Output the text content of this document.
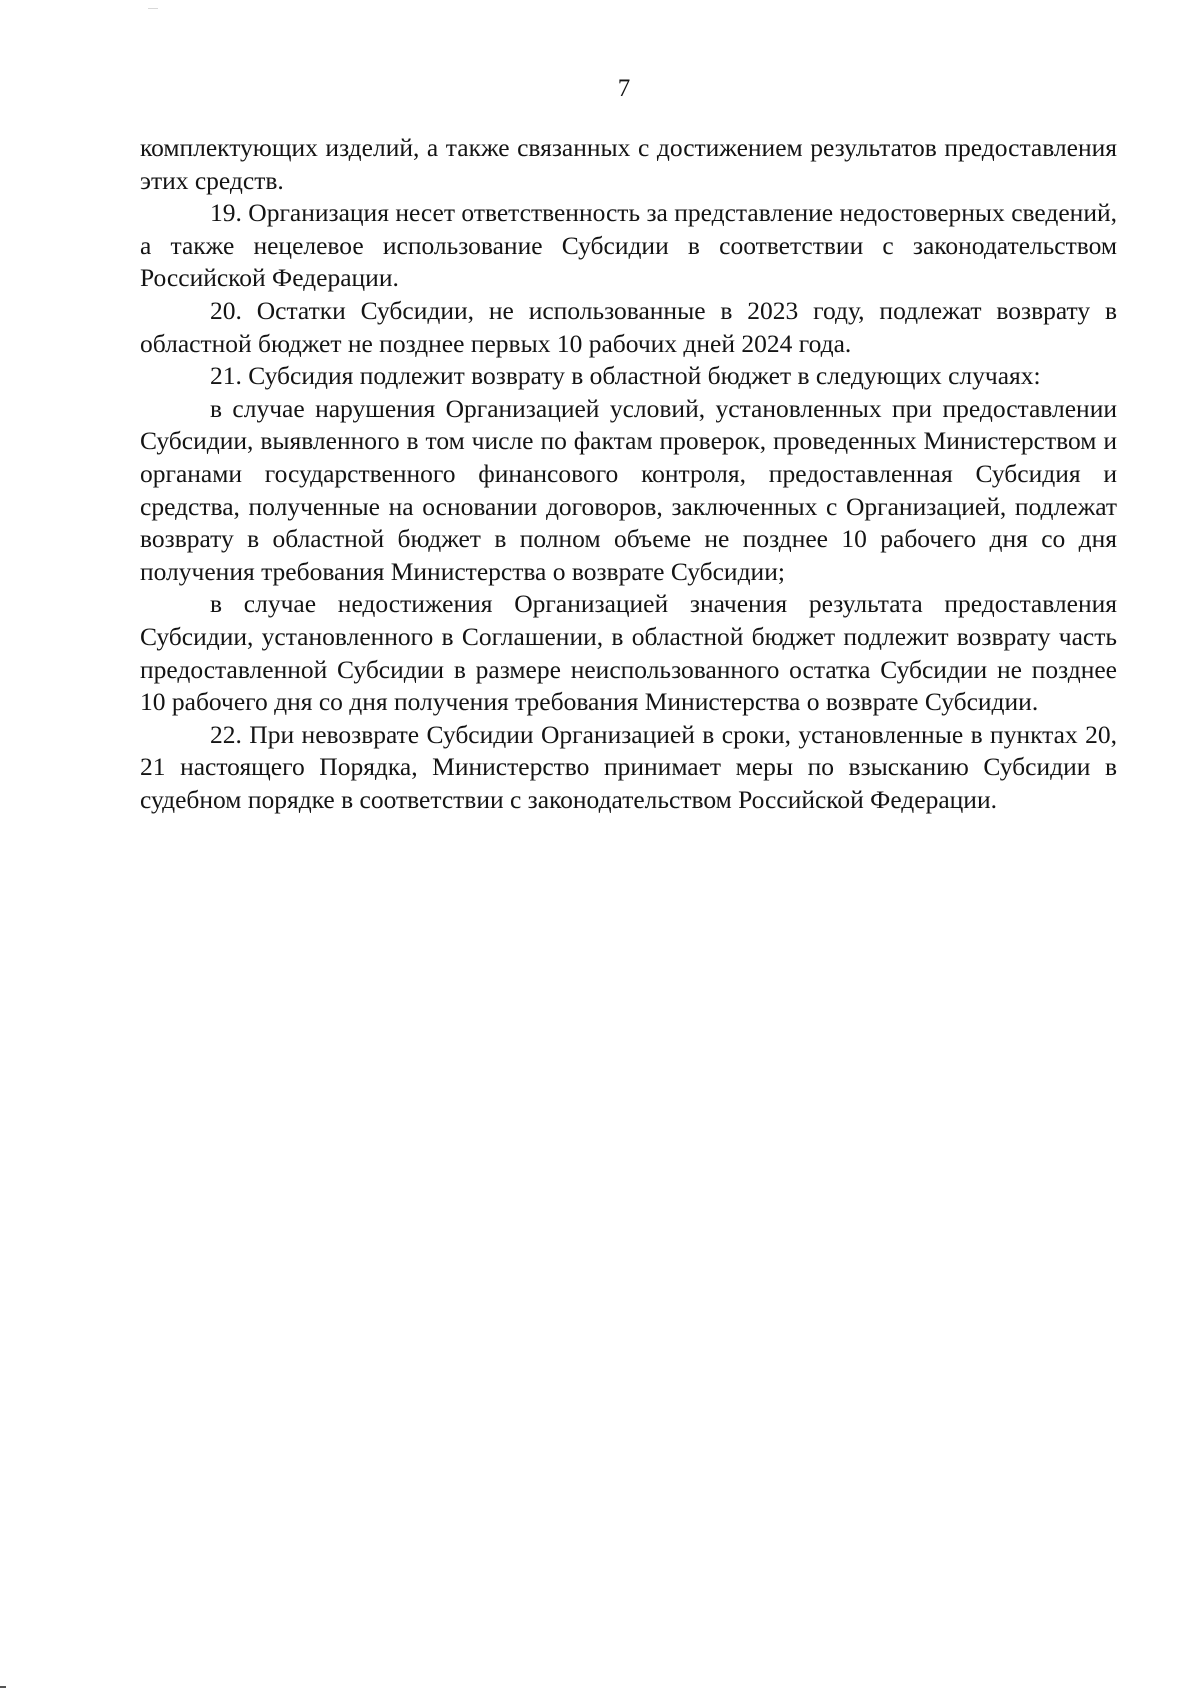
7

комплектующих изделий, а также связанных с достижением результатов предоставления этих средств.

19. Организация несет ответственность за представление недостоверных сведений, а также нецелевое использование Субсидии в соответствии с законодательством Российской Федерации.

20. Остатки Субсидии, не использованные в 2023 году, подлежат возврату в областной бюджет не позднее первых 10 рабочих дней 2024 года.

21. Субсидия подлежит возврату в областной бюджет в следующих случаях:

в случае нарушения Организацией условий, установленных при предоставлении Субсидии, выявленного в том числе по фактам проверок, проведенных Министерством и органами государственного финансового контроля, предоставленная Субсидия и средства, полученные на основании договоров, заключенных с Организацией, подлежат возврату в областной бюджет в полном объеме не позднее 10 рабочего дня со дня получения требования Министерства о возврате Субсидии;

в случае недостижения Организацией значения результата предоставления Субсидии, установленного в Соглашении, в областной бюджет подлежит возврату часть предоставленной Субсидии в размере неиспользованного остатка Субсидии не позднее 10 рабочего дня со дня получения требования Министерства о возврате Субсидии.

22. При невозврате Субсидии Организацией в сроки, установленные в пунктах 20, 21 настоящего Порядка, Министерство принимает меры по взысканию Субсидии в судебном порядке в соответствии с законодательством Российской Федерации.
